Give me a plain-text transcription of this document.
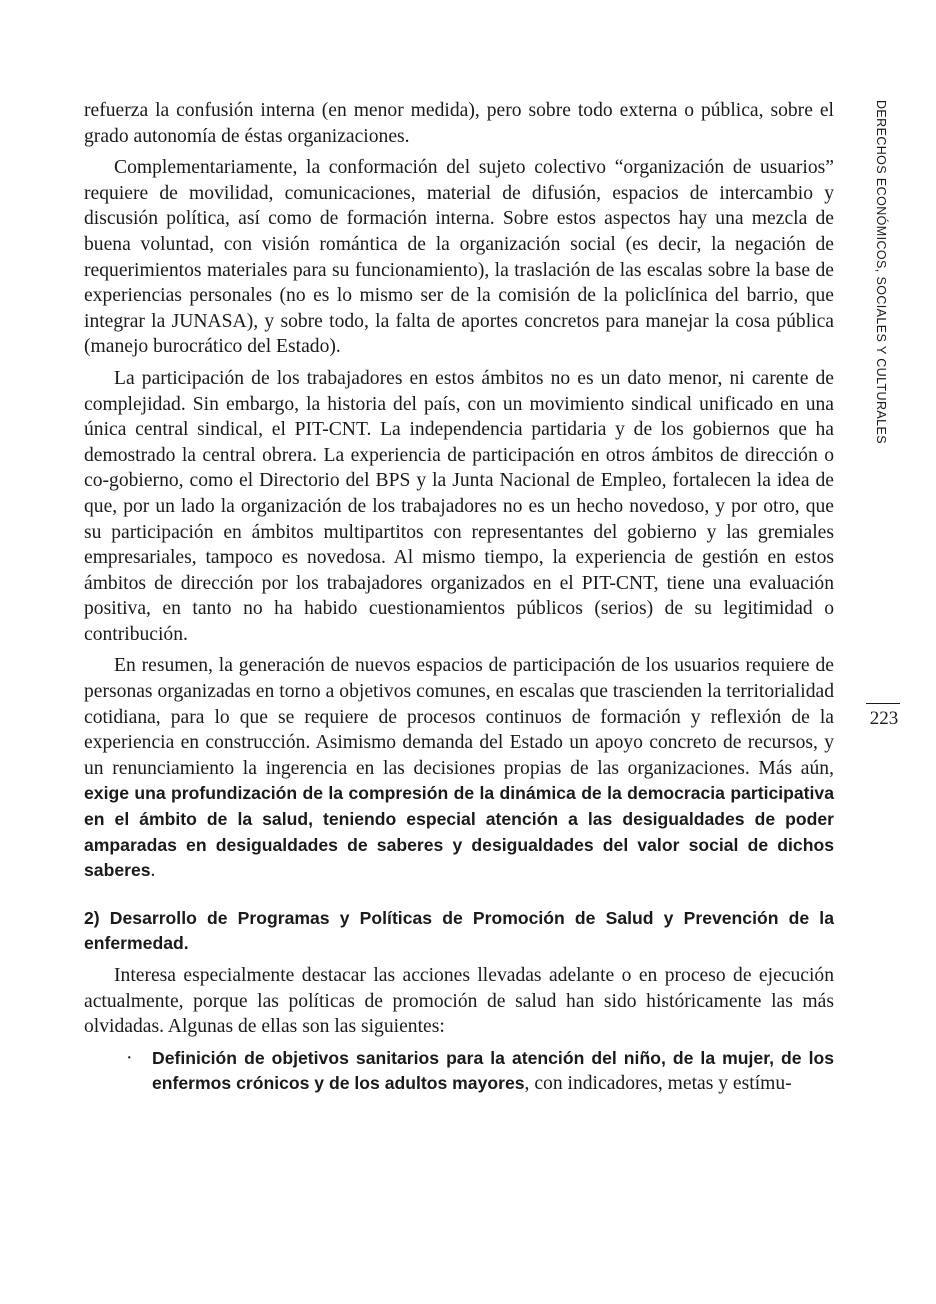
DERECHOS ECONÓMICOS, SOCIALES Y CULTURALES
223

refuerza la confusión interna (en menor medida), pero sobre todo externa o pública, sobre el grado autonomía de éstas organizaciones.

Complementariamente, la conformación del sujeto colectivo “organización de usuarios” requiere de movilidad, comunicaciones, material de difusión, espacios de intercambio y discusión política, así como de formación interna. Sobre estos aspectos hay una mezcla de buena voluntad, con visión romántica de la organización social (es decir, la negación de requerimientos materiales para su funcionamiento), la traslación de las escalas sobre la base de experiencias personales (no es lo mismo ser de la comisión de la policlínica del barrio, que integrar la JUNASA), y sobre todo, la falta de aportes concretos para manejar la cosa pública (manejo burocrático del Estado).

La participación de los trabajadores en estos ámbitos no es un dato menor, ni carente de complejidad. Sin embargo, la historia del país, con un movimiento sindical unificado en una única central sindical, el PIT-CNT. La independencia partidaria y de los gobiernos que ha demostrado la central obrera. La experiencia de participación en otros ámbitos de dirección o co-gobierno, como el Directorio del BPS y la Junta Nacional de Empleo, fortalecen la idea de que, por un lado la organización de los trabajadores no es un hecho novedoso, y por otro, que su participación en ámbitos multipartitos con representantes del gobierno y las gremiales empresariales, tampoco es novedosa. Al mismo tiempo, la experiencia de gestión en estos ámbitos de dirección por los trabajadores organizados en el PIT-CNT, tiene una evaluación positiva, en tanto no ha habido cuestionamientos públicos (serios) de su legitimidad o contribución.

En resumen, la generación de nuevos espacios de participación de los usuarios requiere de personas organizadas en torno a objetivos comunes, en escalas que trascienden la territorialidad cotidiana, para lo que se requiere de procesos continuos de formación y reflexión de la experiencia en construcción. Asimismo demanda del Estado un apoyo concreto de recursos, y un renunciamiento la ingerencia en las decisiones propias de las organizaciones. Más aún, exige una profundización de la compresión de la dinámica de la democracia participativa en el ámbito de la salud, teniendo especial atención a las desigualdades de poder amparadas en desigualdades de saberes y desigualdades del valor social de dichos saberes.

2) Desarrollo de Programas y Políticas de Promoción de Salud y Prevención de la enfermedad.

Interesa especialmente destacar las acciones llevadas adelante o en proceso de ejecución actualmente, porque las políticas de promoción de salud han sido históricamente las más olvidadas. Algunas de ellas son las siguientes:

· Definición de objetivos sanitarios para la atención del niño, de la mujer, de los enfermos crónicos y de los adultos mayores, con indicadores, metas y estímu-
